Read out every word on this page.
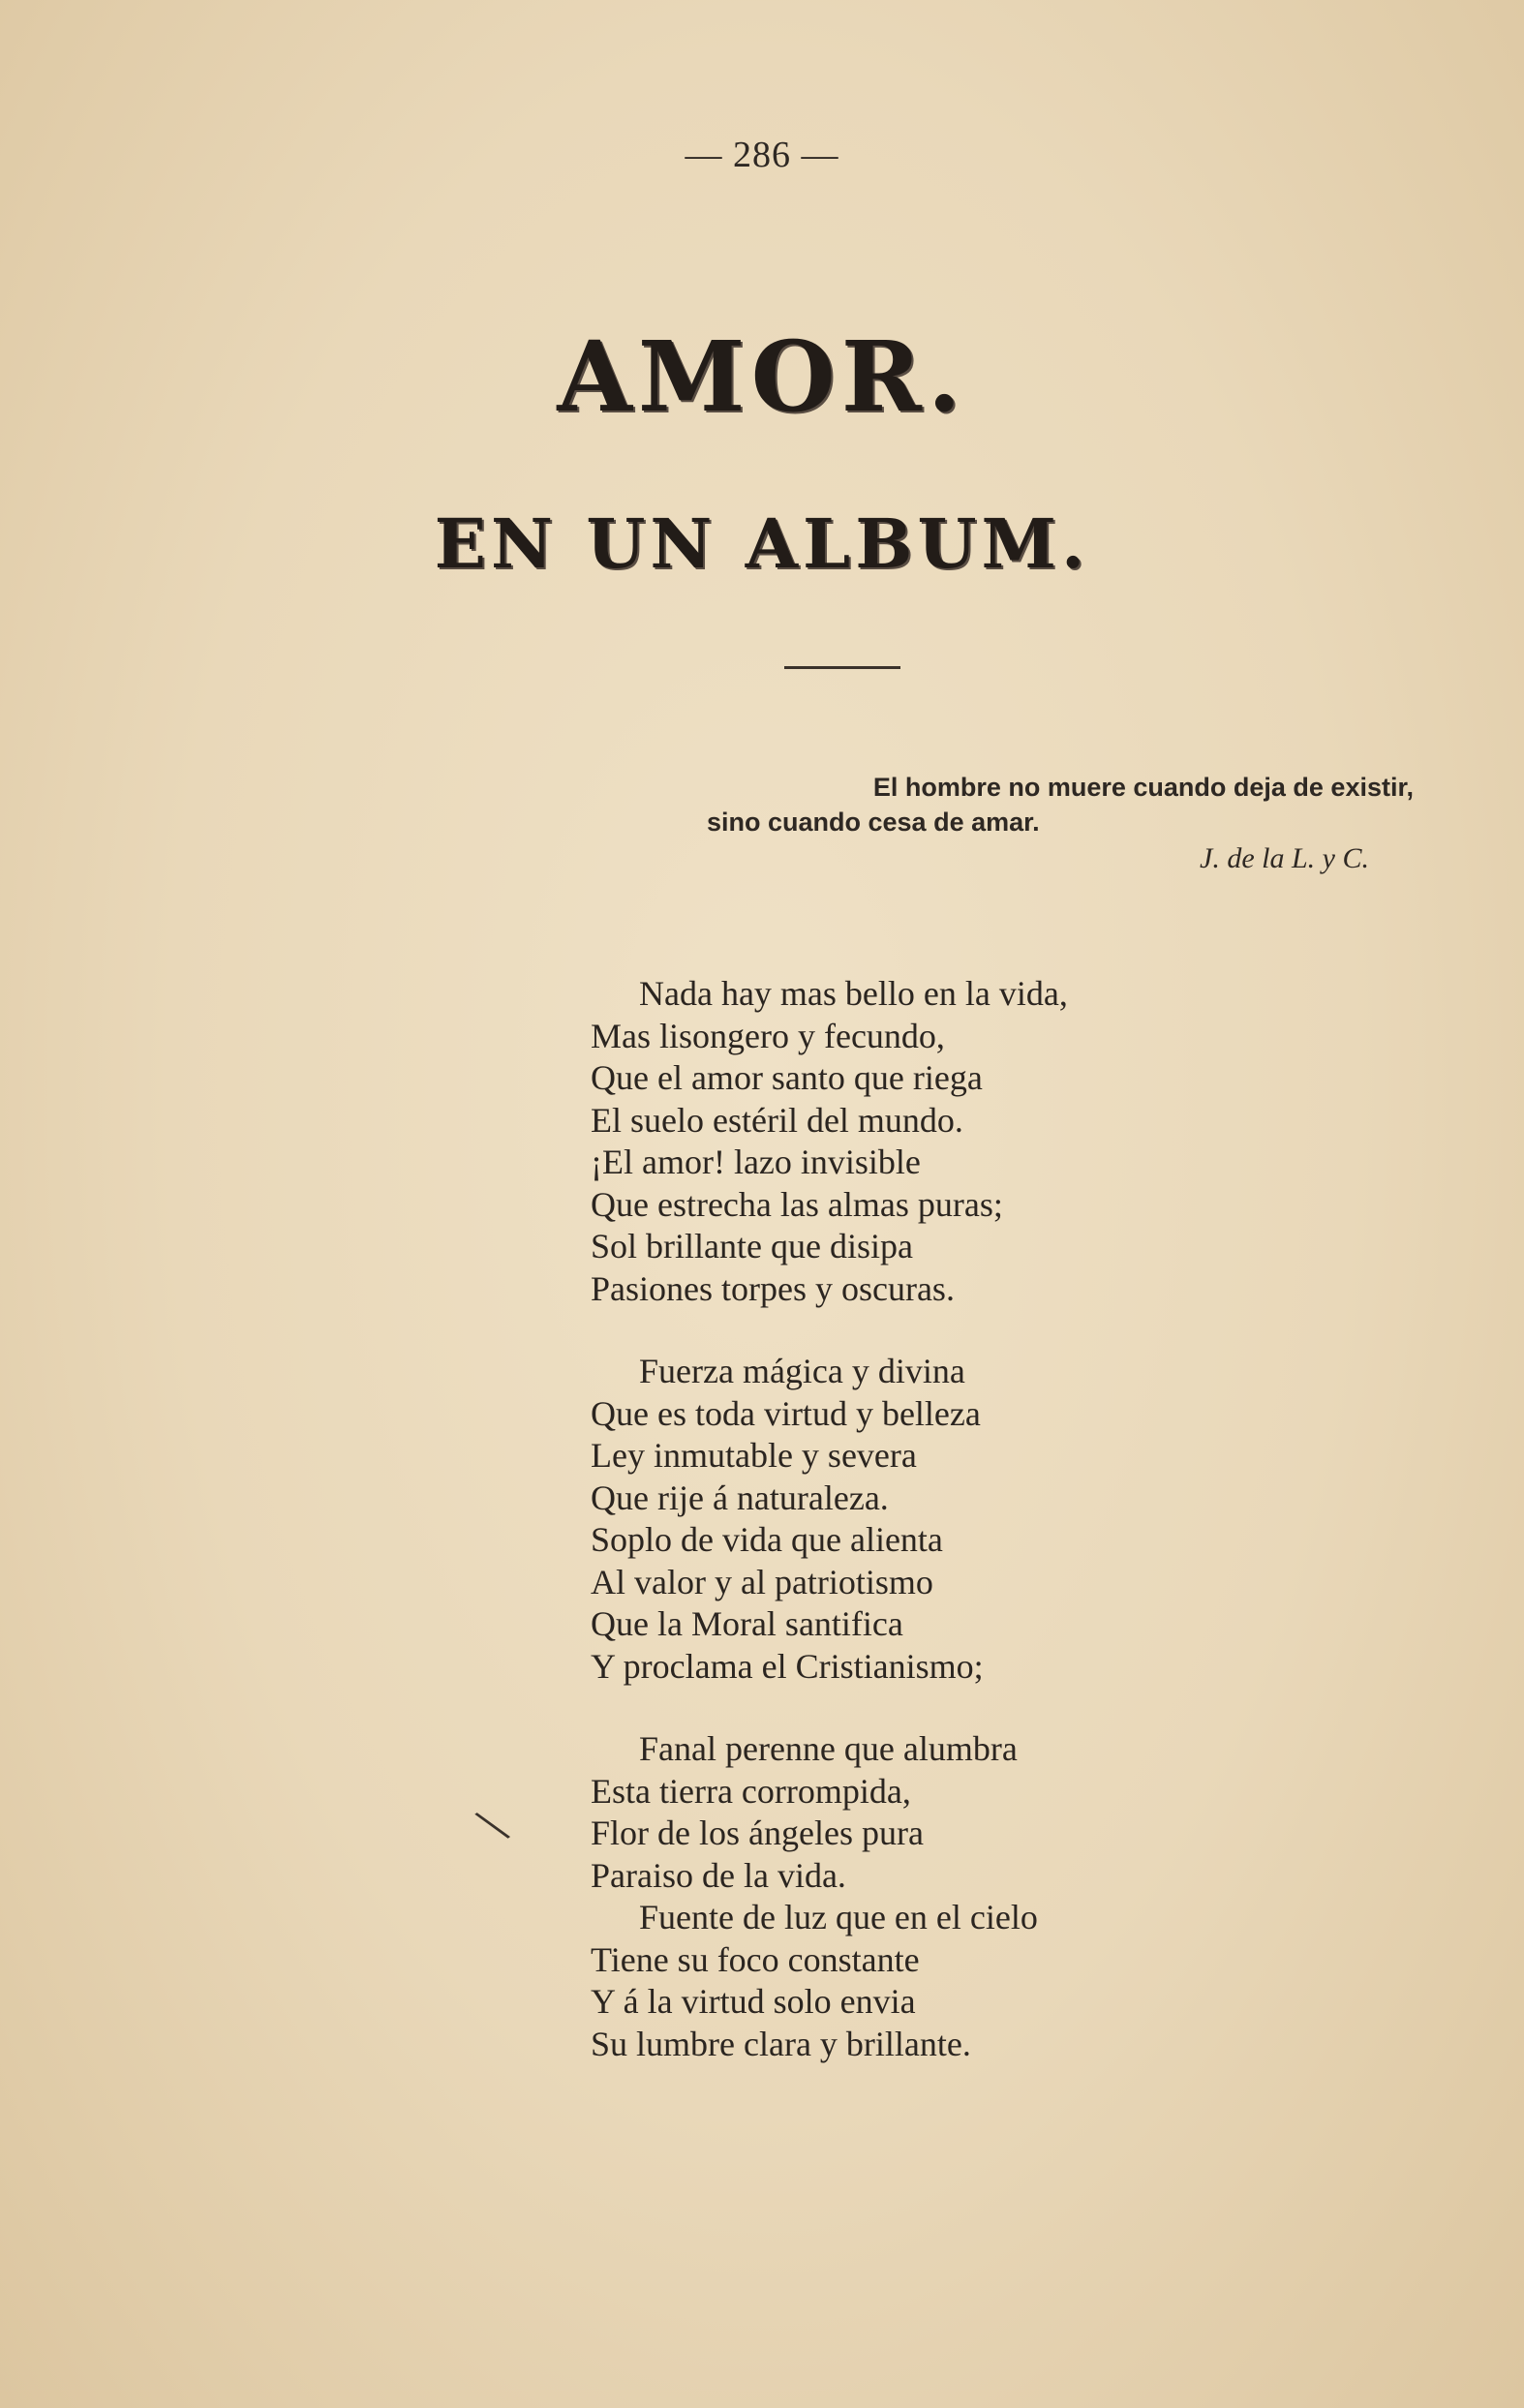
— 286 —
AMOR.
EN UN ALBUM.
El hombre no muere cuando deja de existir,
sino cuando cesa de amar.
J. de la L. y C.
Nada hay mas bello en la vida,
Mas lisongero y fecundo,
Que el amor santo que riega
El suelo estéril del mundo.
¡El amor! lazo invisible
Que estrecha las almas puras;
Sol brillante que disipa
Pasiones torpes y oscuras.
Fuerza mágica y divina
Que es toda virtud y belleza
Ley inmutable y severa
Que rije á naturaleza.
Soplo de vida que alienta
Al valor y al patriotismo
Que la Moral santifica
Y proclama el Cristianismo;
Fanal perenne que alumbra
Esta tierra corrompida,
Flor de los ángeles pura
Paraiso de la vida.
Fuente de luz que en el cielo
Tiene su foco constante
Y á la virtud solo envia
Su lumbre clara y brillante.
\
